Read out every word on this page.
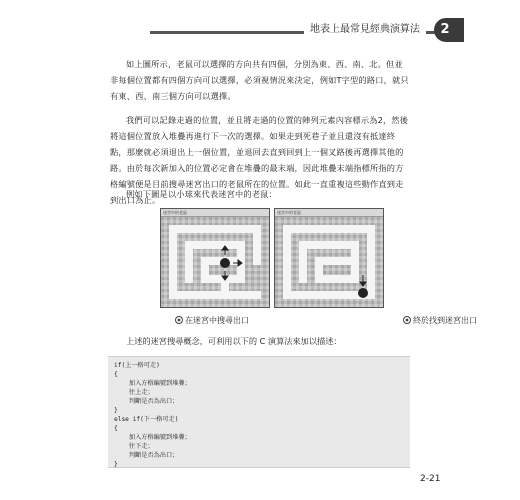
地表上最常見經典演算法	2
如上圖所示，老鼠可以選擇的方向共有四個，分別為東、西、南、北。但並非每個位置都有四個方向可以選擇，必須視情況來決定，例如T字型的路口，就只有東、西、南三個方向可以選擇。
我們可以記錄走過的位置，並且將走過的位置的陣列元素內容標示為2，然後將這個位置放入堆疊再進行下一次的選擇。如果走到死巷子並且還沒有抵達終點，那麼就必須退出上一個位置，並退回去直到回到上一個叉路後再選擇其他的路。由於每次新加入的位置必定會在堆疊的最末端，因此堆疊末端指標所指的方格編號便是目前搜尋迷宮出口的老鼠所在的位置。如此一直重複這些動作直到走到出口為止。
例如下圖是以小球來代表迷宮中的老鼠：
迷宮中的老鼠
在迷宮中搜尋出口
迷宮中的老鼠
終於找到迷宮出口
上述的迷宮搜尋概念，可利用以下的 C 演算法來加以描述：
if(上一格可走)
{
加入方格編號到堆疊；
往上走；
判斷是否為出口；
}
else if(下一格可走)
{
加入方格編號到堆疊；
往下走；
判斷是否為出口；
}
2-21
